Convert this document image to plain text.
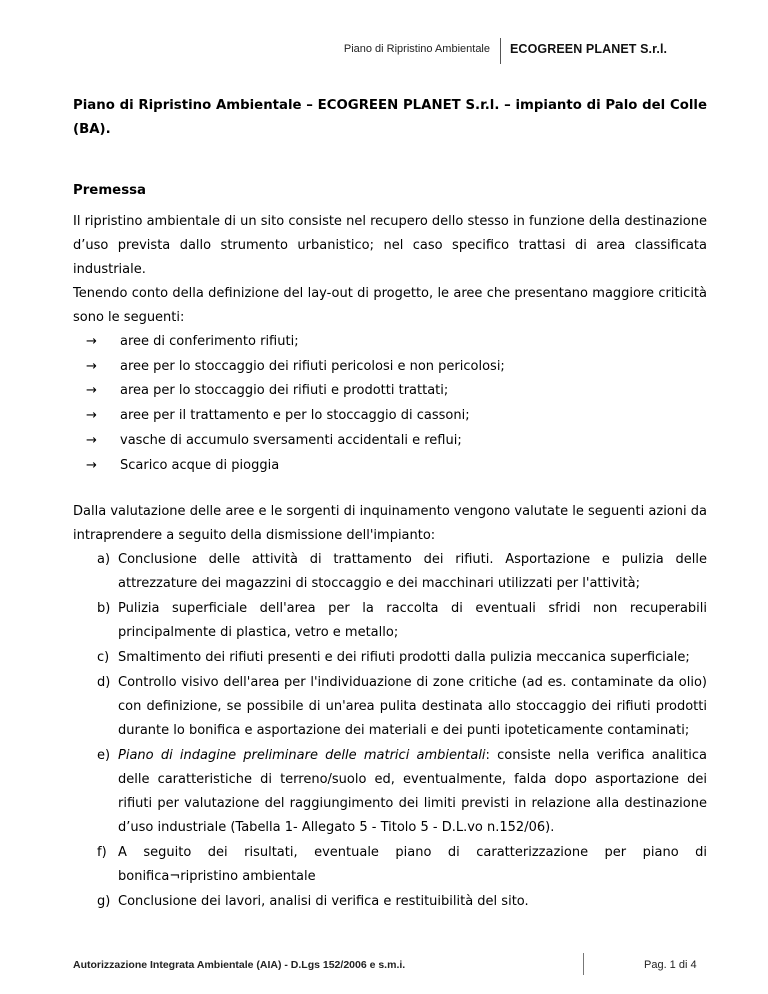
Piano di Ripristino Ambientale ECOGREEN PLANET S.r.l.

Piano di Ripristino Ambientale – ECOGREEN PLANET S.r.l. – impianto di Palo del Colle (BA).

Premessa

Il ripristino ambientale di un sito consiste nel recupero dello stesso in funzione della destinazione d’uso prevista dallo strumento urbanistico; nel caso specifico trattasi di area classificata industriale.

Tenendo conto della definizione del lay-out di progetto, le aree che presentano maggiore criticità sono le seguenti:

→ aree di conferimento rifiuti;
→ aree per lo stoccaggio dei rifiuti pericolosi e non pericolosi;
→ area per lo stoccaggio dei rifiuti e prodotti trattati;
→ aree per il trattamento e per lo stoccaggio di cassoni;
→ vasche di accumulo sversamenti accidentali e reflui;
→ Scarico acque di pioggia

Dalla valutazione delle aree e le sorgenti di inquinamento vengono valutate le seguenti azioni da intraprendere a seguito della dismissione dell'impianto:

a) Conclusione delle attività di trattamento dei rifiuti. Asportazione e pulizia delle attrezzature dei magazzini di stoccaggio e dei macchinari utilizzati per l'attività;
b) Pulizia superficiale dell'area per la raccolta di eventuali sfridi non recuperabili principalmente di plastica, vetro e metallo;
c) Smaltimento dei rifiuti presenti e dei rifiuti prodotti dalla pulizia meccanica superficiale;
d) Controllo visivo dell'area per l'individuazione di zone critiche (ad es. contaminate da olio) con definizione, se possibile di un'area pulita destinata allo stoccaggio dei rifiuti prodotti durante lo bonifica e asportazione dei materiali e dei punti ipoteticamente contaminati;
e) Piano di indagine preliminare delle matrici ambientali: consiste nella verifica analitica delle caratteristiche di terreno/suolo ed, eventualmente, falda dopo asportazione dei rifiuti per valutazione del raggiungimento dei limiti previsti in relazione alla destinazione d’uso industriale (Tabella 1- Allegato 5 - Titolo 5 - D.L.vo n.152/06).
f) A seguito dei risultati, eventuale piano di caratterizzazione per piano di
bonifica¬ripristino ambientale
g) Conclusione dei lavori, analisi di verifica e restituibilità del sito.
Autorizzazione Integrata Ambientale (AIA) - D.Lgs 152/2006 e s.m.i.	Pag. 1 di 4
